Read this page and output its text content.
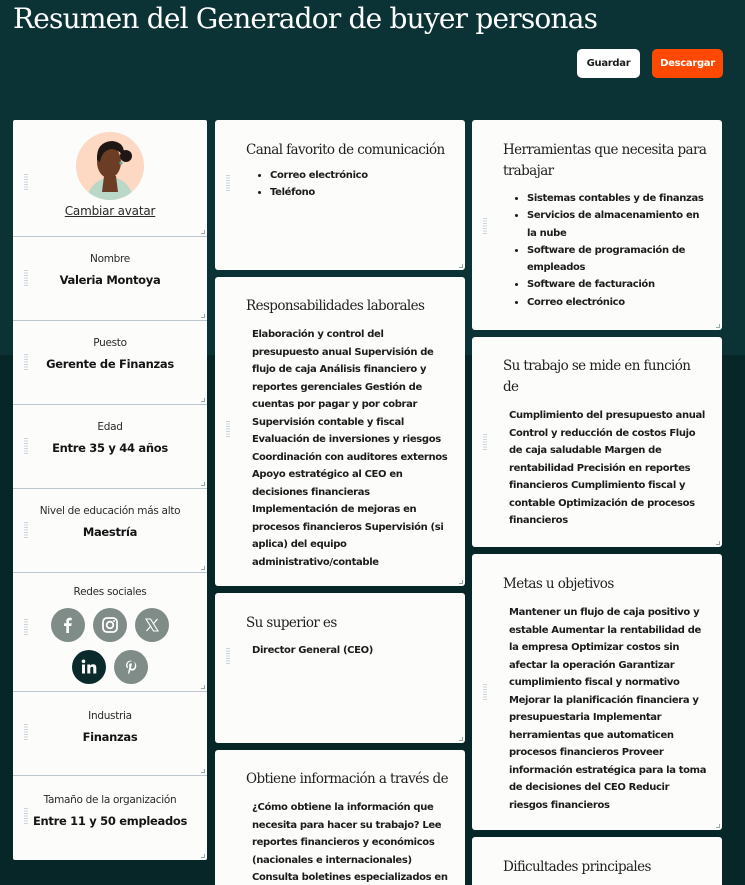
Resumen del Generador de buyer personas
Guardar	Descargar
Cambiar avatar
Nombre
Valeria Montoya
Puesto
Gerente de Finanzas
Edad
Entre 35 y 44 años
Nivel de educación más alto
Maestría
Redes sociales
Industria
Finanzas
Tamaño de la organización
Entre 11 y 50 empleados
Canal favorito de comunicación
• Correo electrónico
• Teléfono
Responsabilidades laborales

Elaboración y control del presupuesto anual Supervisión de flujo de caja Análisis financiero y reportes gerenciales Gestión de cuentas por pagar y por cobrar Supervisión contable y fiscal Evaluación de inversiones y riesgos Coordinación con auditores externos Apoyo estratégico al CEO en decisiones financieras Implementación de mejoras en procesos financieros Supervisión (si aplica) del equipo administrativo/contable

Su superior es

Director General (CEO)

Obtiene información a través de

¿Cómo obtiene la información que necesita para hacer su trabajo? Lee reportes financieros y económicos (nacionales e internacionales) Consulta boletines especializados en

Herramientas que necesita para trabajar
• Sistemas contables y de finanzas
• Servicios de almacenamiento en la nube
• Software de programación de empleados
• Software de facturación
• Correo electrónico
Su trabajo se mide en función de

Cumplimiento del presupuesto anual Control y reducción de costos Flujo de caja saludable Margen de rentabilidad Precisión en reportes financieros Cumplimiento fiscal y contable Optimización de procesos financieros

Metas u objetivos

Mantener un flujo de caja positivo y estable Aumentar la rentabilidad de la empresa Optimizar costos sin afectar la operación Garantizar cumplimiento fiscal y normativo Mejorar la planificación financiera y presupuestaria Implementar herramientas que automaticen procesos financieros Proveer información estratégica para la toma de decisiones del CEO Reducir riesgos financieros

Dificultades principales
